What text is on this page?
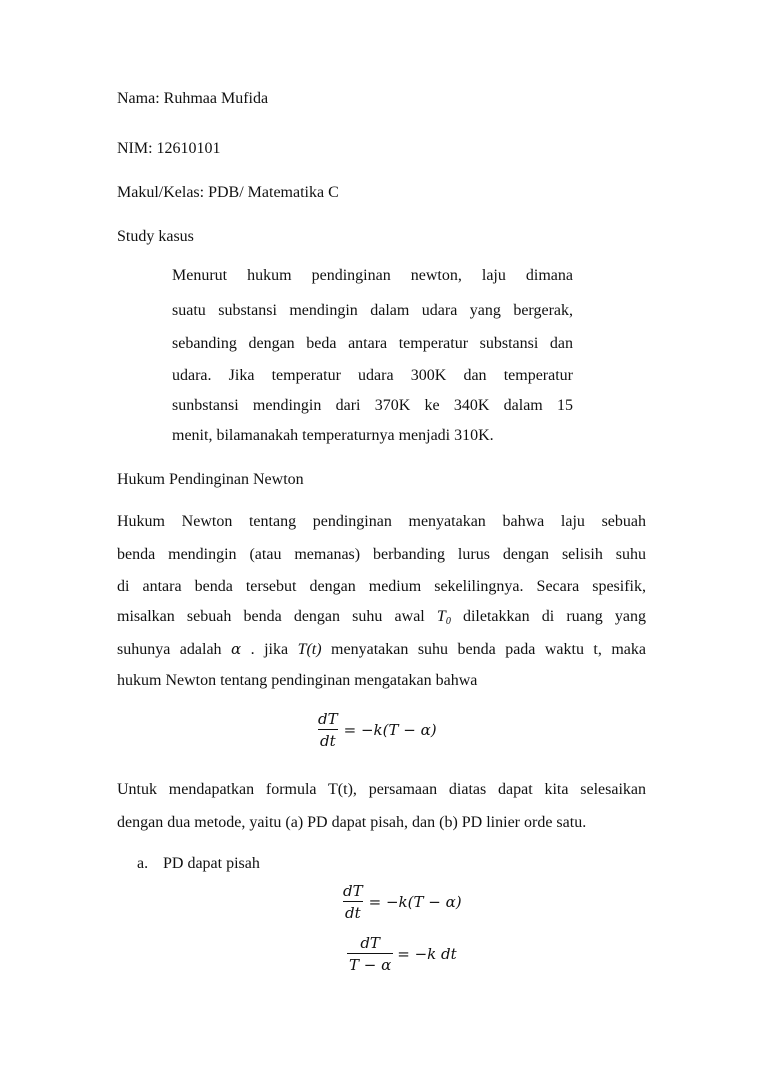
Nama: Ruhmaa Mufida
NIM: 12610101
Makul/Kelas: PDB/ Matematika C
Study kasus
Menurut hukum pendinginan newton, laju dimana
suatu substansi mendingin dalam udara yang bergerak,
sebanding dengan beda antara temperatur substansi dan
udara. Jika temperatur udara 300K dan temperatur
sunbstansi mendingin dari 370K ke 340K dalam 15
menit, bilamanakah temperaturnya menjadi 310K.
Hukum Pendinginan Newton
Hukum Newton tentang pendinginan menyatakan bahwa laju sebuah
benda mendingin (atau memanas) berbanding lurus dengan selisih suhu
di antara benda tersebut dengan medium sekelilingnya. Secara spesifik,
misalkan sebuah benda dengan suhu awal T0 diletakkan di ruang yang
suhunya adalah α . jika T(t) menyatakan suhu benda pada waktu t, maka
hukum Newton tentang pendinginan mengatakan bahwa
$\frac{dT}{dt} = -k(T - \alpha)$
Untuk mendapatkan formula T(t), persamaan diatas dapat kita selesaikan
dengan dua metode, yaitu (a) PD dapat pisah, dan (b) PD linier orde satu.
a. PD dapat pisah
$\frac{dT}{dt} = -k(T - \alpha)$
$\frac{dT}{T - \alpha} = -k$ dt
